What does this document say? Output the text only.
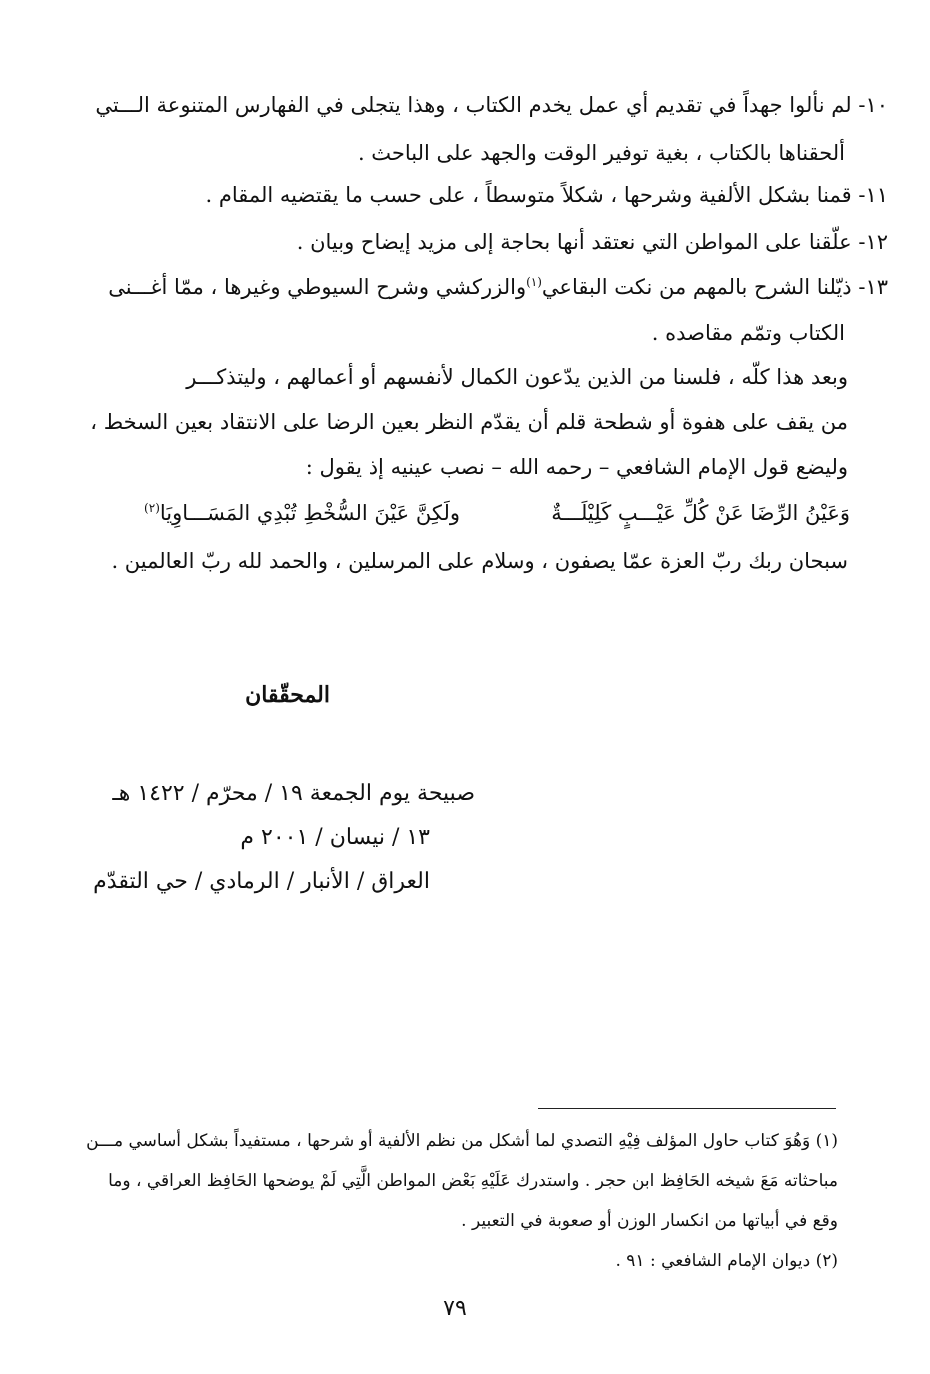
١٠- لم نألوا جهداً في تقديم أي عمل يخدم الكتاب ، وهذا يتجلى في الفهارس المتنوعة الـــتي
ألحقناها بالكتاب ، بغية توفير الوقت والجهد على الباحث .
١١- قمنا بشكل الألفية وشرحها ، شكلاً متوسطاً ، على حسب ما يقتضيه المقام .
١٢- علّقنا على المواطن التي نعتقد أنها بحاجة إلى مزيد إيضاح وبيان .
١٣- ذيّلنا الشرح بالمهم من نكت البقاعي$^{(١)}$والزركشي وشرح السيوطي وغيرها ، ممّا أغـــنى
الكتاب وتمّم مقاصده .
وبعد هذا كلّه ، فلسنا من الذين يدّعون الكمال لأنفسهم أو أعمالهم ، وليتذكـــر
من يقف على هفوة أو شطحة قلم أن يقدّم النظر بعين الرضا على الانتقاد بعين السخط ،
وليضع قول الإمام الشافعي – رحمه الله – نصب عينيه إذ يقول :
وَعَيْنُ الرِّضَا عَنْ كُلِّ عَيْـــبٍ كَلِيْلَـــةٌ
ولَكِنَّ عَيْنَ السُّخْطِ تُبْدِي المَسَـــاوِيَا$^{(٢)}$
سبحان ربك ربّ العزة عمّا يصفون ، وسلام على المرسلين ، والحمد لله ربّ العالمين .
المحقّقان
صبيحة يوم الجمعة ١٩ / محرّم / ١٤٢٢ هـ
١٣ / نيسان / ٢٠٠١ م
العراق / الأنبار / الرمادي / حي التقدّم
(١) وَهُوَ كتاب حاول المؤلف فِيْهِ التصدي لما أشكل من نظم الألفية أو شرحها ، مستفيداً بشكل أساسي مـــن
مباحثاته مَعَ شيخه الحَافِظ ابن حجر . واستدرك عَلَيْهِ بَعْض المواطن الَّتِي لَمْ يوضحها الحَافِظ العراقي ، وما
وقع في أبياتها من انكسار الوزن أو صعوبة في التعبير .
(٢) ديوان الإمام الشافعي : ٩١ .
٧٩
